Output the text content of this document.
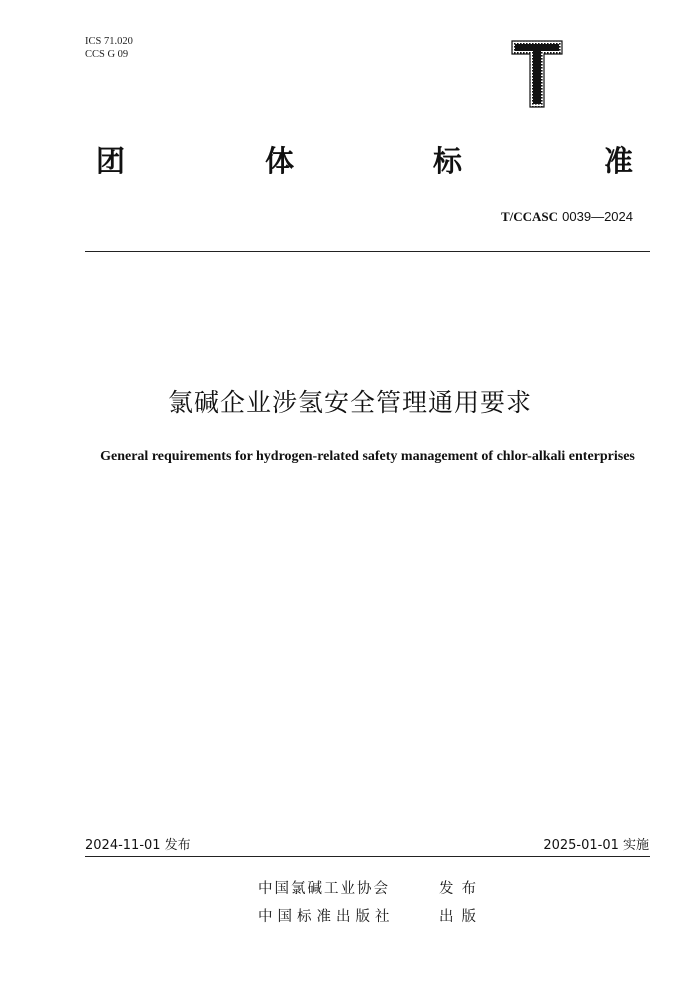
ICS 71.020
CCS G 09
团	体	标	准
T/CCASC 0039—2024
氯碱企业涉氢安全管理通用要求
General requirements for hydrogen-related safety management of chlor-alkali enterprises
2024-11-01 发布	2025-01-01 实施
中国氯碱工业协会	发布
中国标准出版社	出版
